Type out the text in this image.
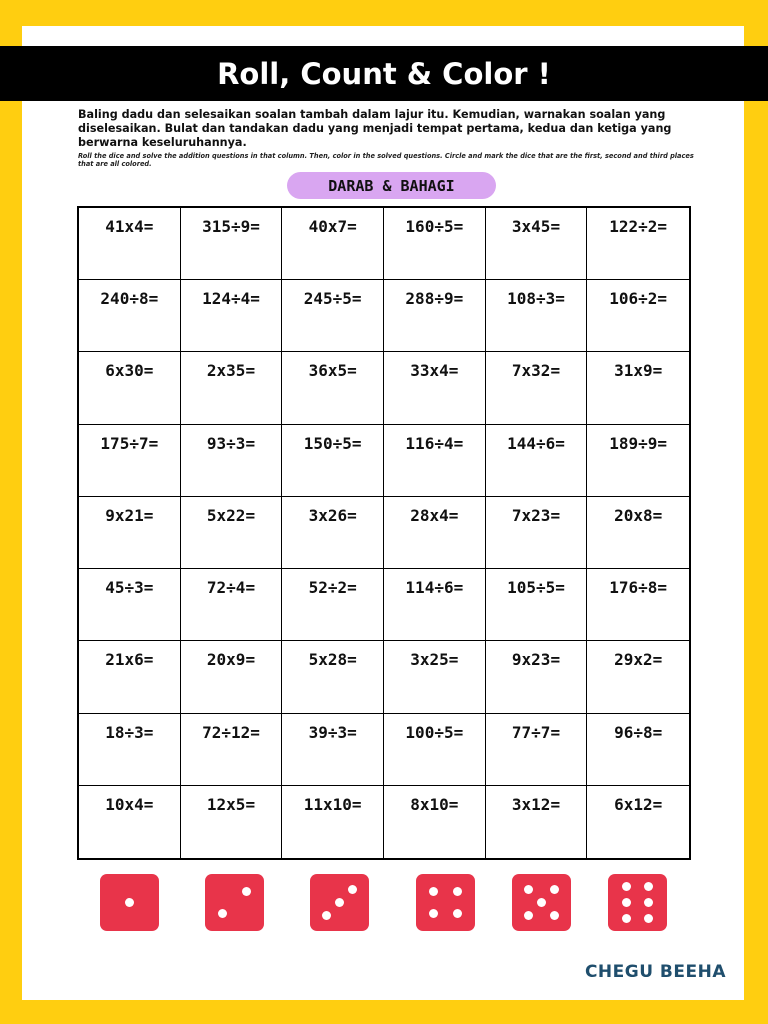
Roll, Count & Color !
Baling dadu dan selesaikan soalan tambah dalam lajur itu. Kemudian, warnakan soalan yang diselesaikan. Bulat dan tandakan dadu yang menjadi tempat pertama, kedua dan ketiga yang berwarna keseluruhannya.
Roll the dice and solve the addition questions in that column. Then, color in the solved questions. Circle and mark the dice that are the first, second and third places that are all colored.
DARAB & BAHAGI
41x4=	315÷9=	40x7=	160÷5=	3x45=	122÷2=
240÷8=	124÷4=	245÷5=	288÷9=	108÷3=	106÷2=
6x30=	2x35=	36x5=	33x4=	7x32=	31x9=
175÷7=	93÷3=	150÷5=	116÷4=	144÷6=	189÷9=
9x21=	5x22=	3x26=	28x4=	7x23=	20x8=
45÷3=	72÷4=	52÷2=	114÷6=	105÷5=	176÷8=
21x6=	20x9=	5x28=	3x25=	9x23=	29x2=
18÷3=	72÷12=	39÷3=	100÷5=	77÷7=	96÷8=
10x4=	12x5=	11x10=	8x10=	3x12=	6x12=
CHEGU BEEHA
